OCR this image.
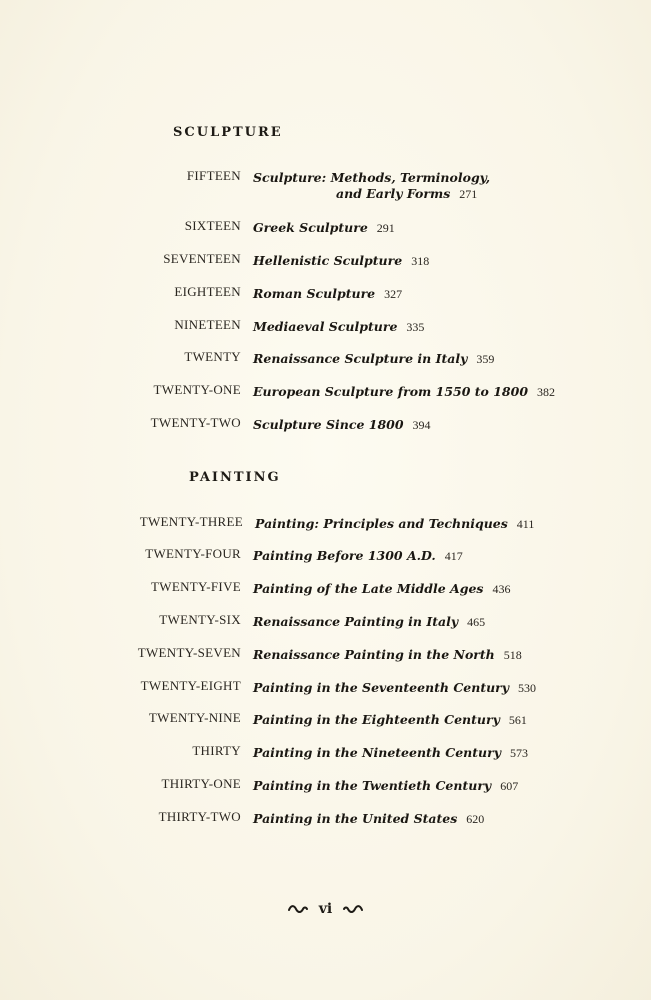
SCULPTURE
FIFTEEN Sculpture: Methods, Terminology,
and Early Forms 271
SIXTEEN Greek Sculpture 291
SEVENTEEN Hellenistic Sculpture 318
EIGHTEEN Roman Sculpture 327
NINETEEN Mediaeval Sculpture 335
TWENTY Renaissance Sculpture in Italy 359
TWENTY-ONE European Sculpture from 1550 to 1800 382
TWENTY-TWO Sculpture Since 1800 394
PAINTING
TWENTY-THREE Painting: Principles and Techniques 411
TWENTY-FOUR Painting Before 1300 A.D. 417
TWENTY-FIVE Painting of the Late Middle Ages 436
TWENTY-SIX Renaissance Painting in Italy 465
TWENTY-SEVEN Renaissance Painting in the North 518
TWENTY-EIGHT Painting in the Seventeenth Century 530
TWENTY-NINE Painting in the Eighteenth Century 561
THIRTY Painting in the Nineteenth Century 573
THIRTY-ONE Painting in the Twentieth Century 607
THIRTY-TWO Painting in the United States 620
vi
